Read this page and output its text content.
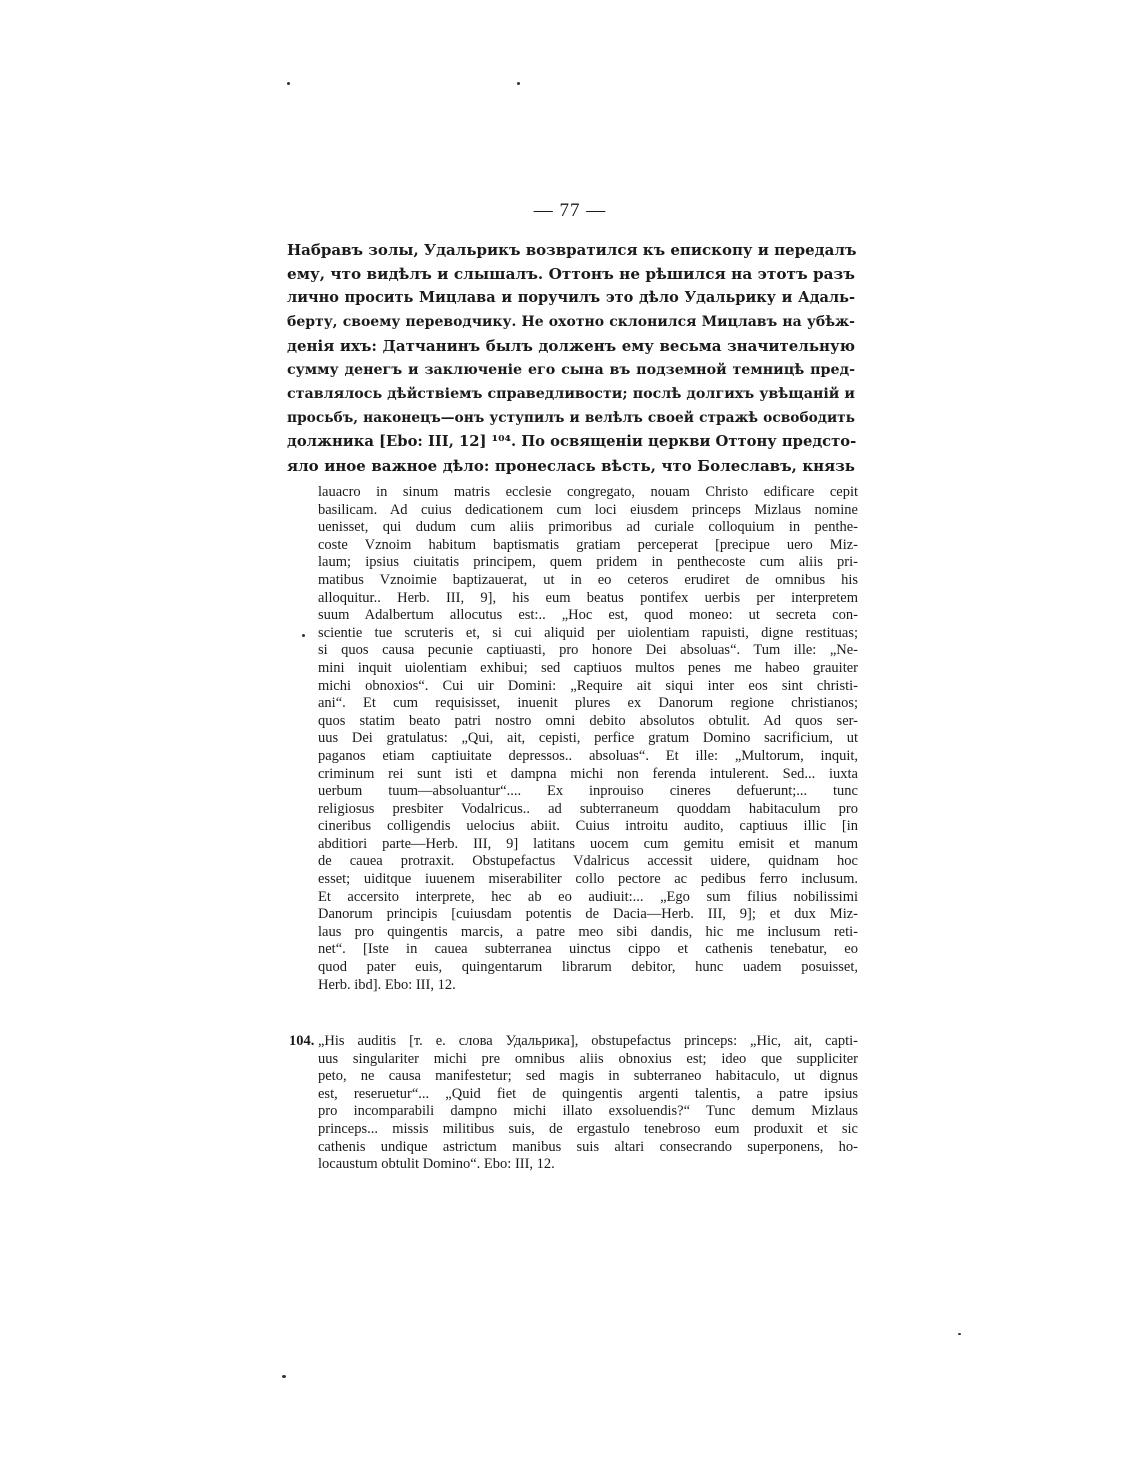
— 77 —
Набравъ золы, Удальрикъ возвратился къ епископу и передалъ
ему, что видѣлъ и слышалъ. Оттонъ не рѣшился на этотъ разъ
лично просить Мицлава и поручилъ это дѣло Удальрику и Адаль-
берту, своему переводчику. Не охотно склонился Мицлавъ на убѣж-
денія ихъ: Датчанинъ былъ долженъ ему весьма значительную
сумму денегъ и заключеніе его сына въ подземной темницѣ пред-
ставлялось дѣйствіемъ справедливости; послѣ долгихъ увѣщаній и
просьбъ, наконецъ—онъ уступилъ и велѣлъ своей стражѣ освободить
должника [Ebo: III, 12] ¹⁰⁴. По освященіи церкви Оттону предсто-
яло иное важное дѣло: пронеслась вѣсть, что Болеславъ, князь
lauacro in sinum matris ecclesie congregato, nouam Christo edificare cepit
basilicam. Ad cuius dedicationem cum loci eiusdem princeps Mizlaus nomine
uenisset, qui dudum cum aliis primoribus ad curiale colloquium in penthe-
coste Vznoim habitum baptismatis gratiam perceperat [precipue uero Miz-
laum; ipsius ciuitatis principem, quem pridem in penthecoste cum aliis pri-
matibus Vznoimie baptizauerat, ut in eo ceteros erudiret de omnibus his
alloquitur.. Herb. III, 9], his eum beatus pontifex uerbis per interpretem
suum Adalbertum allocutus est:.. „Hoc est, quod moneo: ut secreta con-
scientie tue scruteris et, si cui aliquid per uiolentiam rapuisti, digne restituas;
si quos causa pecunie captiuasti, pro honore Dei absoluas“. Tum ille: „Ne-
mini inquit uiolentiam exhibui; sed captiuos multos penes me habeo grauiter
michi obnoxios“. Cui uir Domini: „Require ait siqui inter eos sint christi-
ani“. Et cum requisisset, inuenit plures ex Danorum regione christianos;
quos statim beato patri nostro omni debito absolutos obtulit. Ad quos ser-
uus Dei gratulatus: „Qui, ait, cepisti, perfice gratum Domino sacrificium, ut
paganos etiam captiuitate depressos.. absoluas“. Et ille: „Multorum, inquit,
criminum rei sunt isti et dampna michi non ferenda intulerent. Sed... iuxta
uerbum tuum—absoluantur“.... Ex inprouiso cineres defuerunt;... tunc
religiosus presbiter Vodalricus.. ad subterraneum quoddam habitaculum pro
cineribus colligendis uelocius abiit. Cuius introitu audito, captiuus illic [in
abditiori parte—Herb. III, 9] latitans uocem cum gemitu emisit et manum
de cauea protraxit. Obstupefactus Vdalricus accessit uidere, quidnam hoc
esset; uiditque iuuenem miserabiliter collo pectore ac pedibus ferro inclusum.
Et accersito interprete, hec ab eo audiuit:... „Ego sum filius nobilissimi
Danorum principis [cuiusdam potentis de Dacia—Herb. III, 9]; et dux Miz-
laus pro quingentis marcis, a patre meo sibi dandis, hic me inclusum reti-
net“. [Iste in cauea subterranea uinctus cippo et cathenis tenebatur, eo
quod pater euis, quingentarum librarum debitor, hunc uadem posuisset,
Herb. ibd]. Ebo: III, 12.
104. „His auditis [т. е. слова Удальрика], obstupefactus princeps: „Hic, ait, capti-
uus singulariter michi pre omnibus aliis obnoxius est; ideo que suppliciter
peto, ne causa manifestetur; sed magis in subterraneo habitaculo, ut dignus
est, reseruetur“... „Quid fiet de quingentis argenti talentis, a patre ipsius
pro incomparabili dampno michi illato exsoluendis?“ Tunc demum Mizlaus
princeps... missis militibus suis, de ergastulo tenebroso eum produxit et sic
cathenis undique astrictum manibus suis altari consecrando superponens, ho-
locaustum obtulit Domino“. Ebo: III, 12.
